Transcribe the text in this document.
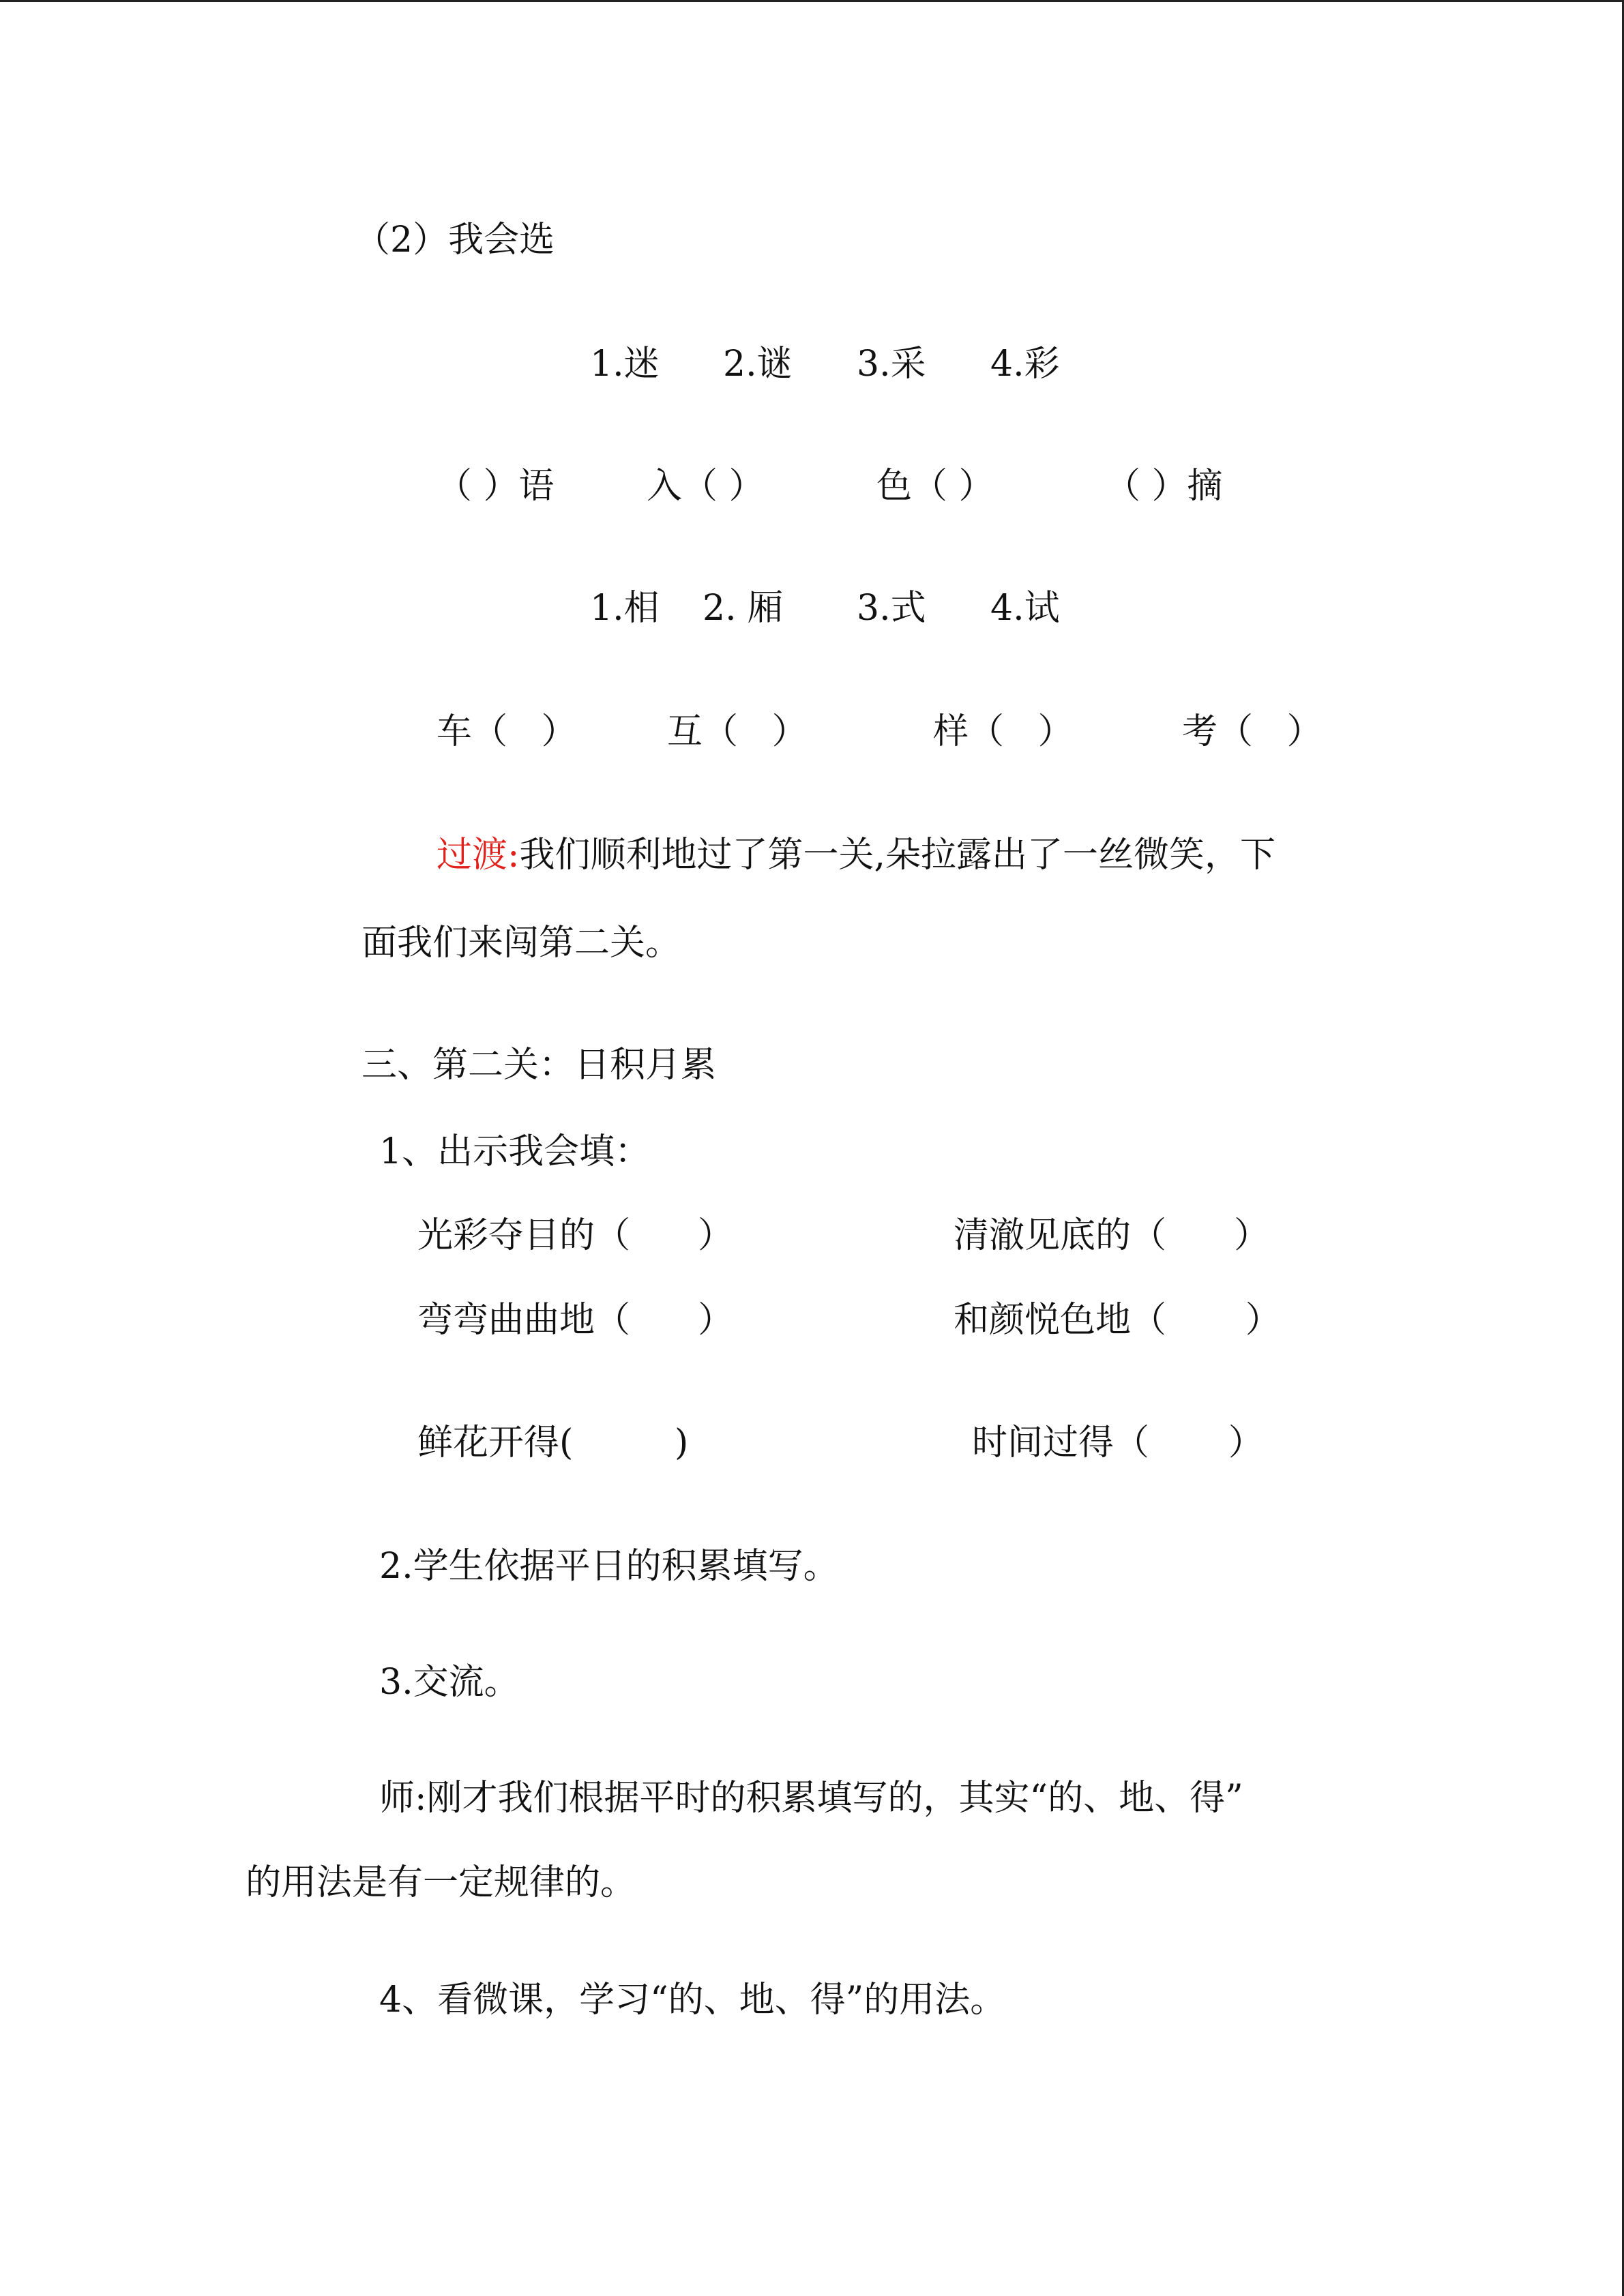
（2）我会选
1.迷 2.谜 3.采 4.彩
（ ）语	入（ ）	色（ ）	（ ）摘
1.相 2. 厢 3.式 4.试
车（   ）	互（   ）	样（   ）	考（   ）
过渡:我们顺利地过了第一关,朵拉露出了一丝微笑，下
面我们来闯第二关。
三、第二关：日积月累
1、出示我会填：
光彩夺目的（      ）	清澈见底的（      ）
弯弯曲曲地（      ）	和颜悦色地（       ）
鲜花开得(         )	时间过得（       ）
2.学生依据平日的积累填写。
3.交流。
师:刚才我们根据平时的积累填写的，其实“的、地、得”
的用法是有一定规律的。
4、看微课，学习“的、地、得”的用法。
